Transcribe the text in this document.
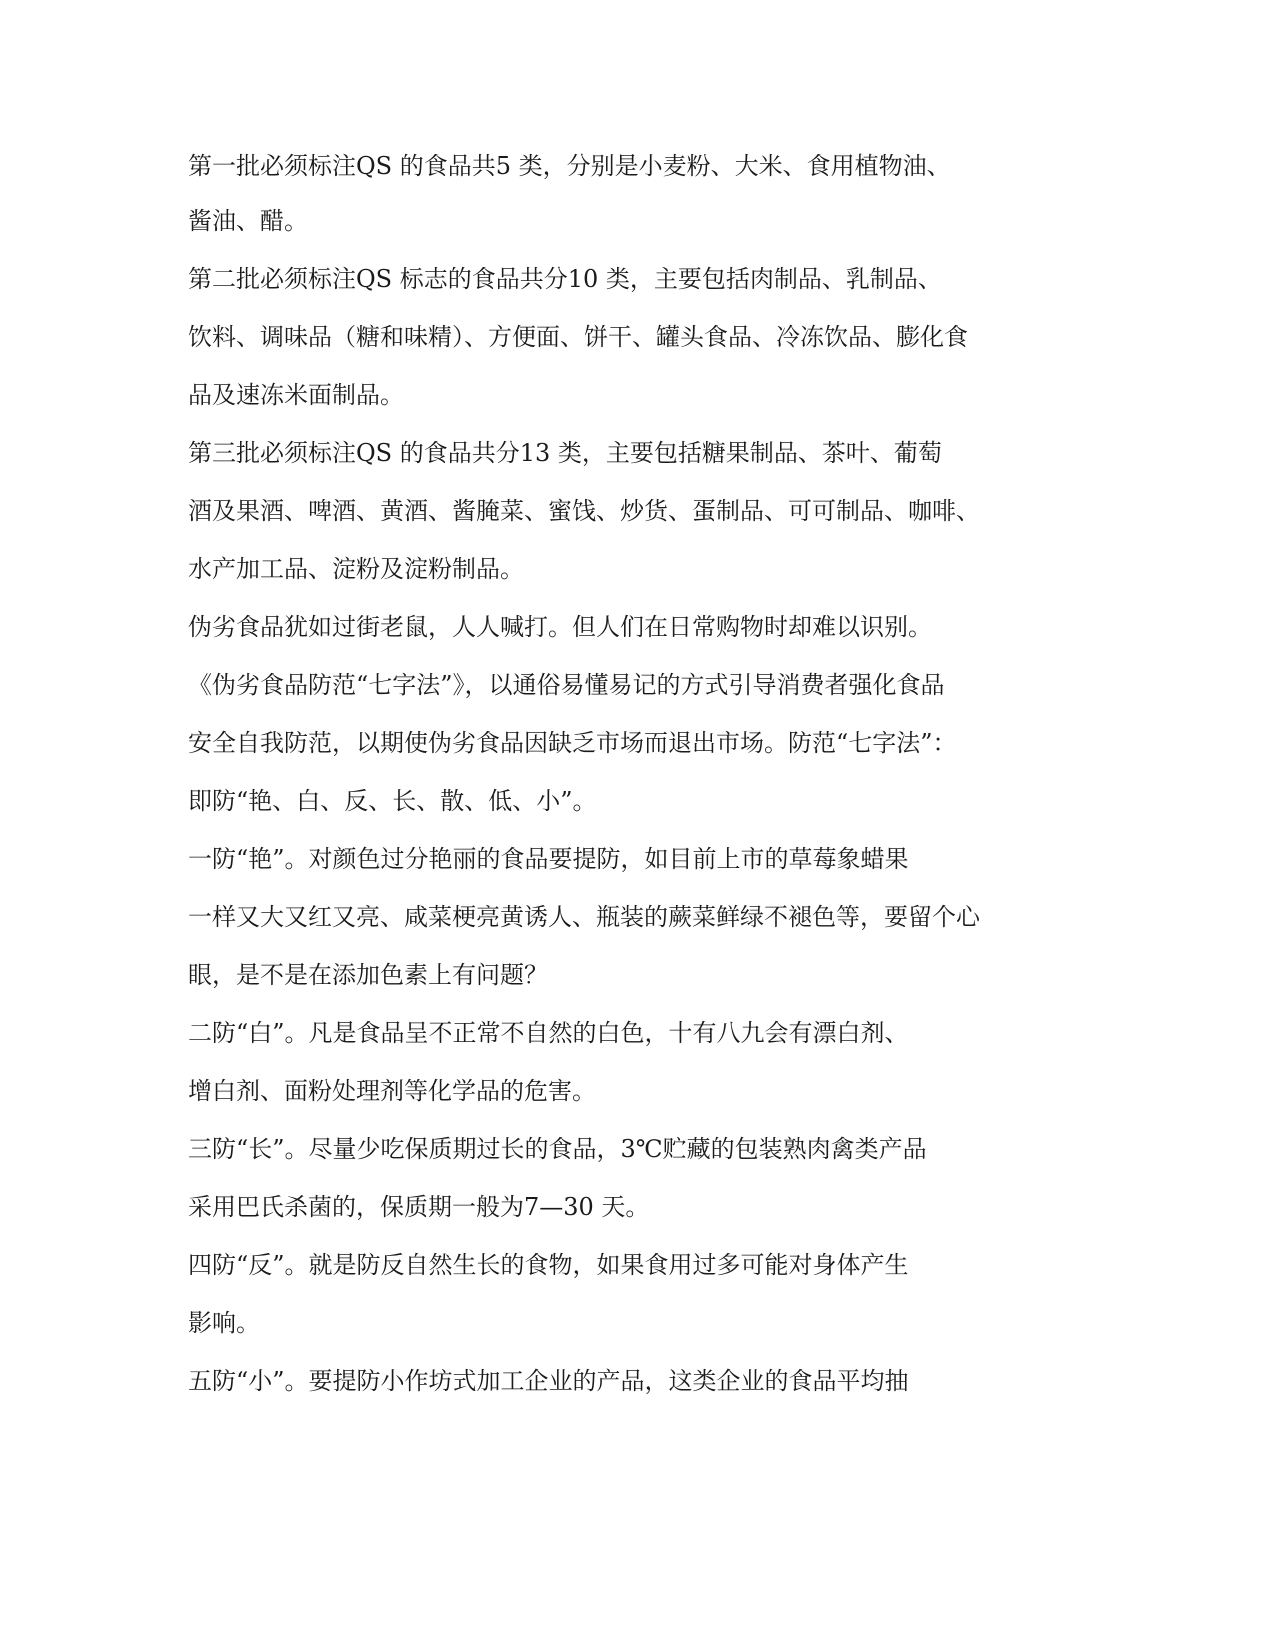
第一批必须标注QS 的食品共5 类，分别是小麦粉、大米、食用植物油、
酱油、醋。
第二批必须标注QS 标志的食品共分10 类，主要包括肉制品、乳制品、
饮料、调味品（糖和味精）、方便面、饼干、罐头食品、冷冻饮品、膨化食
品及速冻米面制品。
第三批必须标注QS 的食品共分13 类，主要包括糖果制品、茶叶、葡萄
酒及果酒、啤酒、黄酒、酱腌菜、蜜饯、炒货、蛋制品、可可制品、咖啡、
水产加工品、淀粉及淀粉制品。
伪劣食品犹如过街老鼠，人人喊打。但人们在日常购物时却难以识别。
《伪劣食品防范“七字法”》，以通俗易懂易记的方式引导消费者强化食品
安全自我防范，以期使伪劣食品因缺乏市场而退出市场。防范“七字法”：
即防“艳、白、反、长、散、低、小”。
一防“艳”。对颜色过分艳丽的食品要提防，如目前上市的草莓象蜡果
一样又大又红又亮、咸菜梗亮黄诱人、瓶装的蕨菜鲜绿不褪色等，要留个心
眼，是不是在添加色素上有问题？
二防“白”。凡是食品呈不正常不自然的白色，十有八九会有漂白剂、
增白剂、面粉处理剂等化学品的危害。
三防“长”。尽量少吃保质期过长的食品，3℃贮藏的包装熟肉禽类产品
采用巴氏杀菌的，保质期一般为7—30 天。
四防“反”。就是防反自然生长的食物，如果食用过多可能对身体产生
影响。
五防“小”。要提防小作坊式加工企业的产品，这类企业的食品平均抽
